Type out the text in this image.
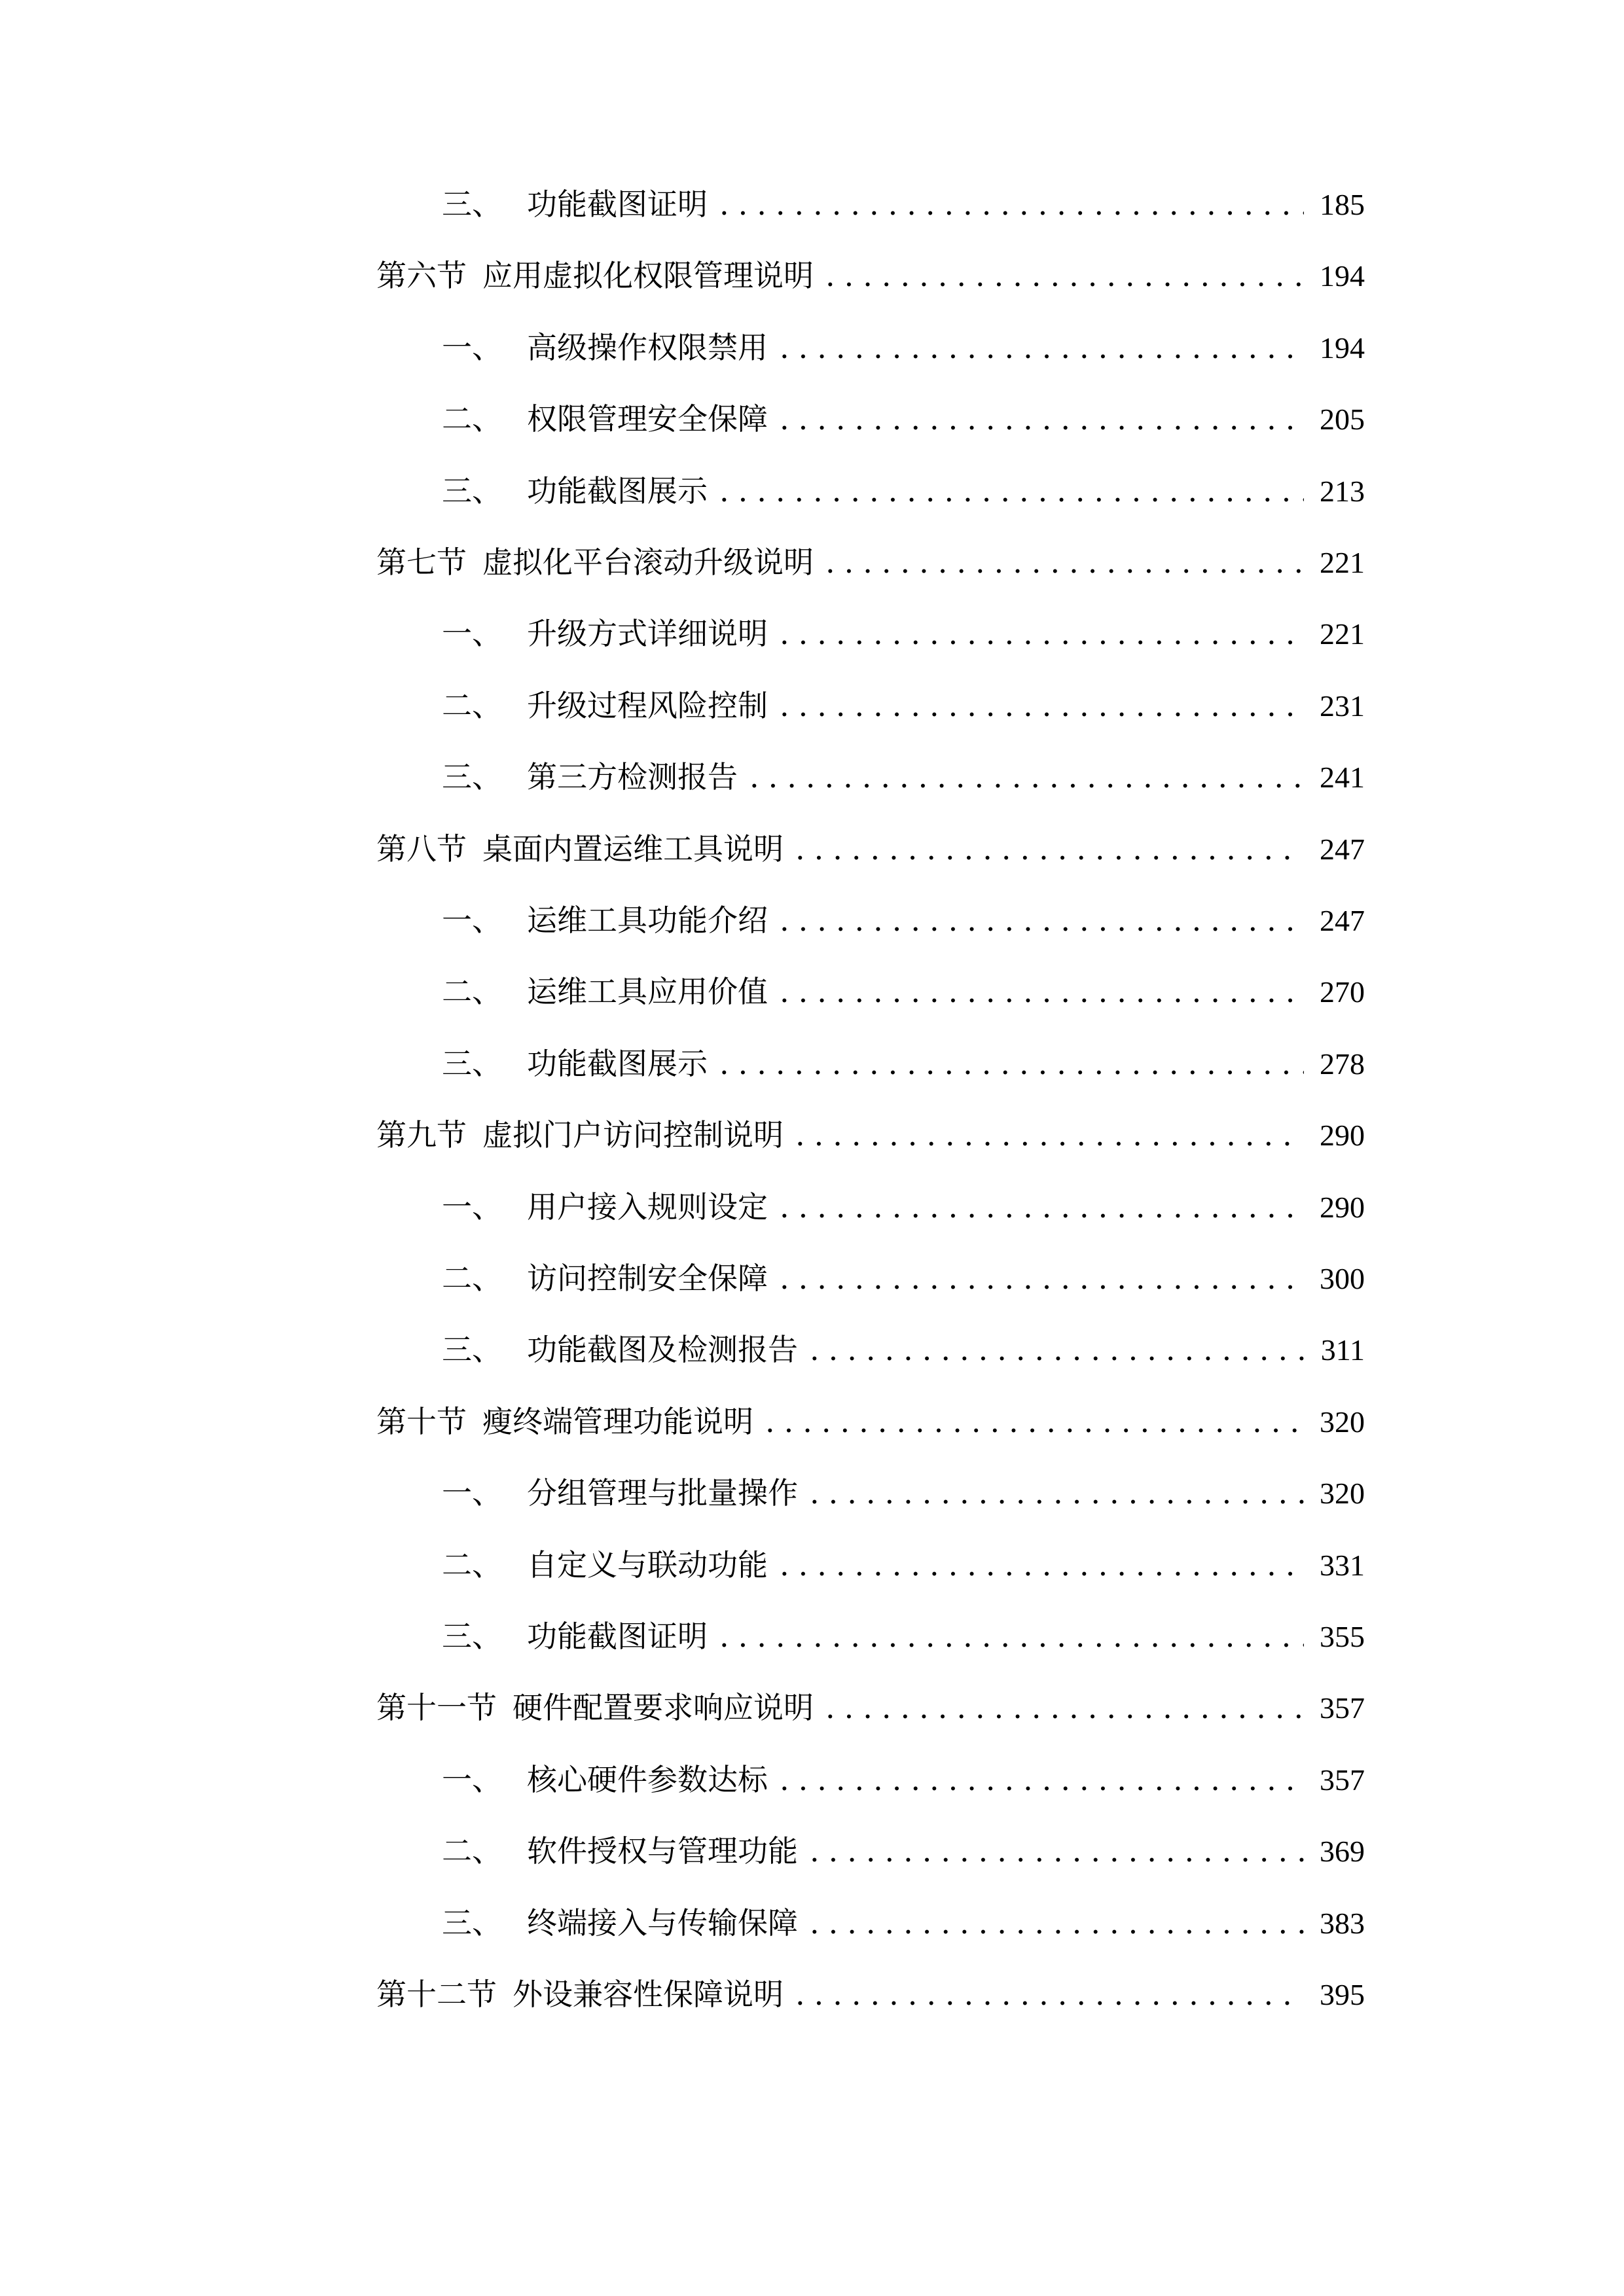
三、 功能截图证明 .....	185
第六节 应用虚拟化权限管理说明 .....	194
一、 高级操作权限禁用 .....	194
二、 权限管理安全保障 .....	205
三、 功能截图展示 .....	213
第七节 虚拟化平台滚动升级说明 .....	221
一、 升级方式详细说明 .....	221
二、 升级过程风险控制 .....	231
三、 第三方检测报告 .....	241
第八节 桌面内置运维工具说明 .....	247
一、 运维工具功能介绍 .....	247
二、 运维工具应用价值 .....	270
三、 功能截图展示 .....	278
第九节 虚拟门户访问控制说明 .....	290
一、 用户接入规则设定 .....	290
二、 访问控制安全保障 .....	300
三、 功能截图及检测报告 .....	311
第十节 瘦终端管理功能说明 .....	320
一、 分组管理与批量操作 .....	320
二、 自定义与联动功能 .....	331
三、 功能截图证明 .....	355
第十一节 硬件配置要求响应说明 .....	357
一、 核心硬件参数达标 .....	357
二、 软件授权与管理功能 .....	369
三、 终端接入与传输保障 .....	383
第十二节 外设兼容性保障说明 .....	395
